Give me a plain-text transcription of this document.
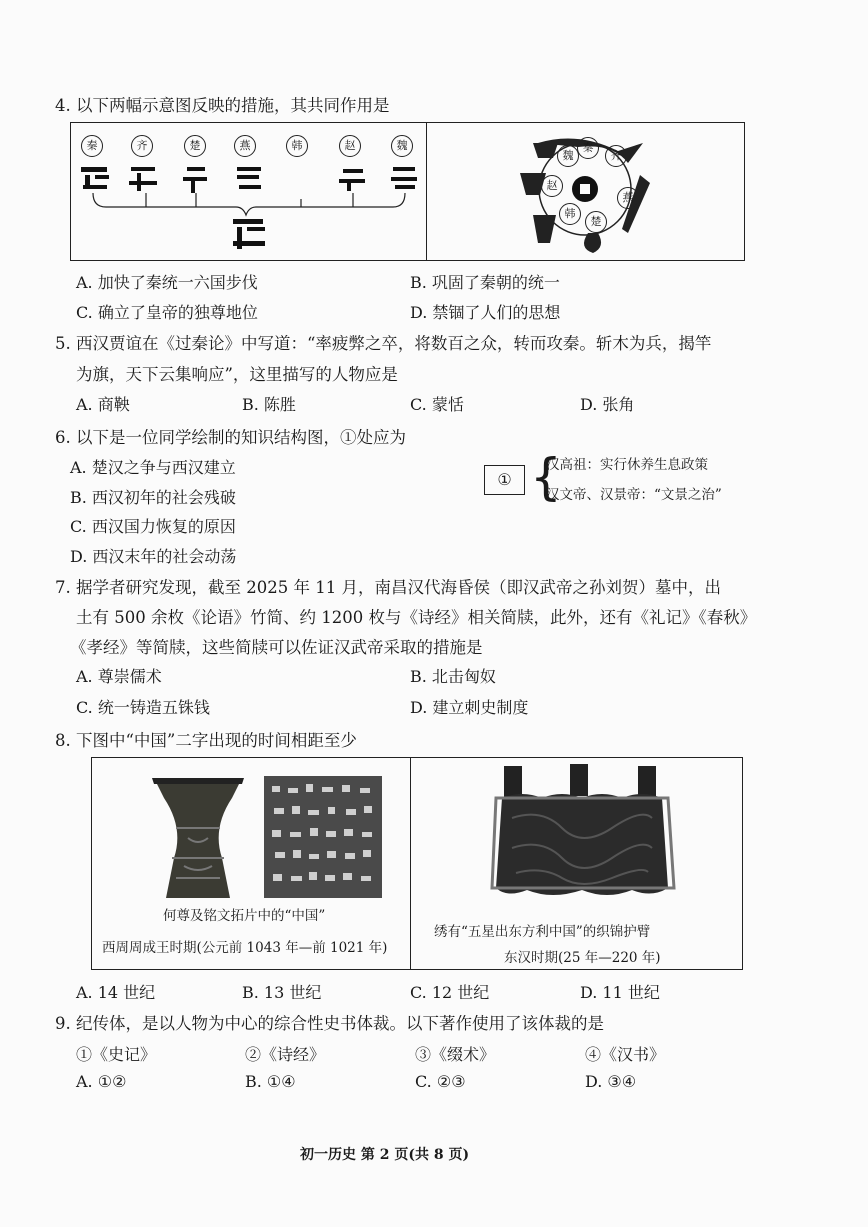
4. 以下两幅示意图反映的措施，其共同作用是
秦	齐	楚	燕	韩	赵	魏
魏
秦
齐
赵
韩
燕
楚
A. 加快了秦统一六国步伐	B. 巩固了秦朝的统一
C. 确立了皇帝的独尊地位	D. 禁锢了人们的思想
5. 西汉贾谊在《过秦论》中写道：“率疲弊之卒，将数百之众，转而攻秦。斩木为兵，揭竿
为旗，天下云集响应”，这里描写的人物应是
A. 商鞅	B. 陈胜	C. 蒙恬	D. 张角
6. 以下是一位同学绘制的知识结构图，①处应为
A. 楚汉之争与西汉建立
B. 西汉初年的社会残破
C. 西汉国力恢复的原因
D. 西汉末年的社会动荡
① {
汉高祖：实行休养生息政策
汉文帝、汉景帝：“文景之治”
7. 据学者研究发现，截至 2025 年 11 月，南昌汉代海昏侯（即汉武帝之孙刘贺）墓中，出
土有 500 余枚《论语》竹简、约 1200 枚与《诗经》相关简牍，此外，还有《礼记》《春秋》
《孝经》等简牍，这些简牍可以佐证汉武帝采取的措施是
A. 尊崇儒术	B. 北击匈奴
C. 统一铸造五铢钱	D. 建立刺史制度
8. 下图中“中国”二字出现的时间相距至少
何尊及铭文拓片中的“中国”
西周周成王时期(公元前 1043 年—前 1021 年)
绣有“五星出东方利中国”的织锦护臂
东汉时期(25 年—220 年)
A. 14 世纪	B. 13 世纪	C. 12 世纪	D. 11 世纪
9. 纪传体，是以人物为中心的综合性史书体裁。以下著作使用了该体裁的是
①《史记》	②《诗经》	③《缀术》	④《汉书》
A. ①②	B. ①④	C. ②③	D. ③④
初一历史 第 2 页(共 8 页)
